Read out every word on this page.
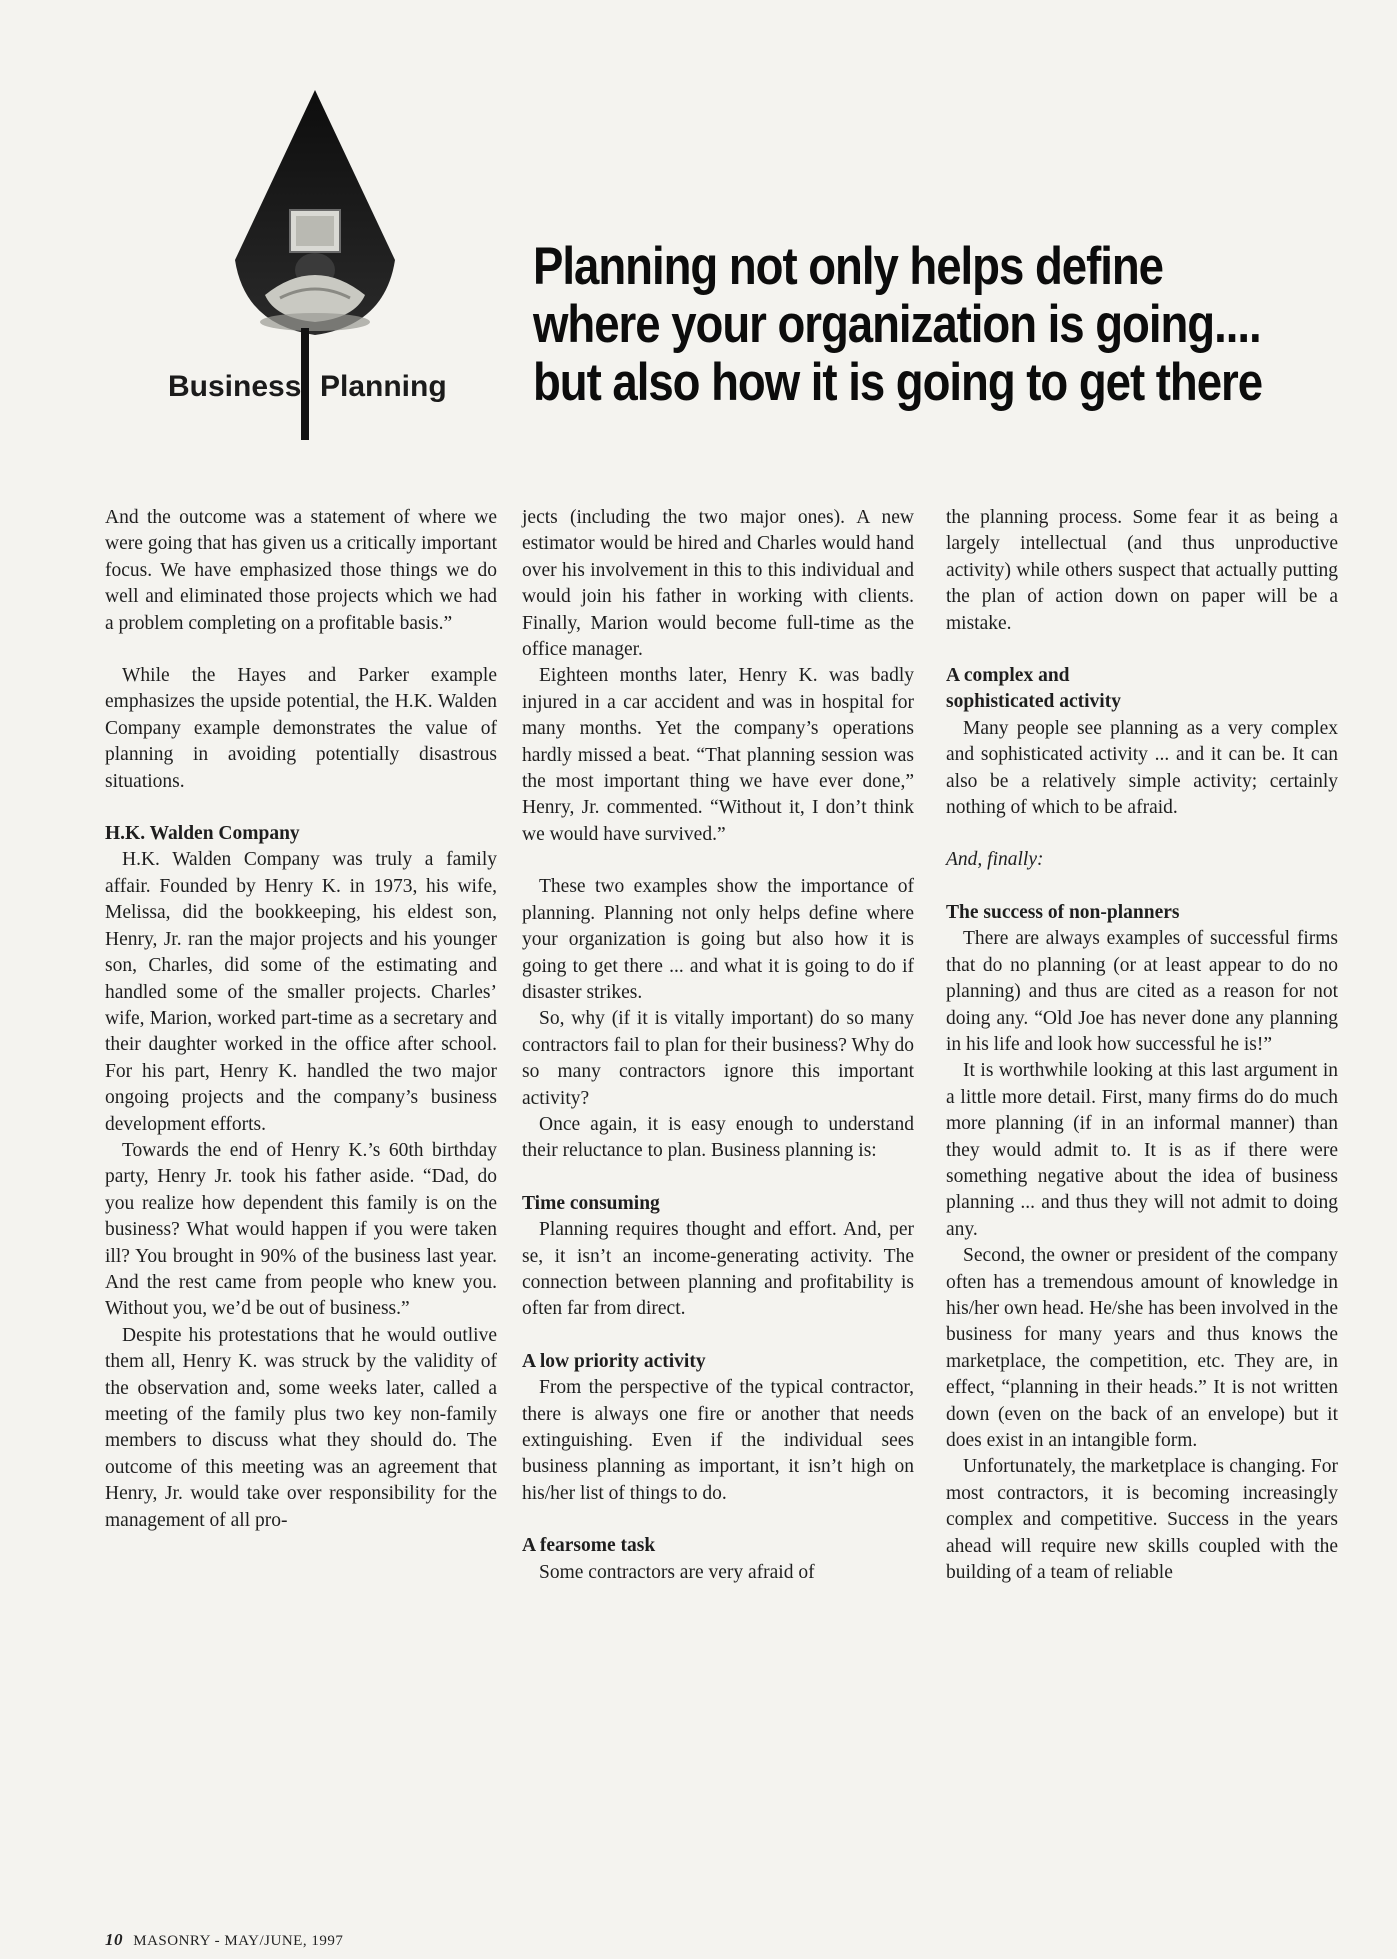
Business Planning
Planning not only helps define
where your organization is going....
but also how it is going to get there

And the outcome was a statement of where we were going that has given us a critically important focus. We have emphasized those things we do well and eliminated those projects which we had a problem completing on a profitable basis.”

While the Hayes and Parker example emphasizes the upside potential, the H.K. Walden Company example demonstrates the value of planning in avoiding potentially disastrous situations.

H.K. Walden Company

H.K. Walden Company was truly a family affair. Founded by Henry K. in 1973, his wife, Melissa, did the bookkeeping, his eldest son, Henry, Jr. ran the major projects and his younger son, Charles, did some of the estimating and handled some of the smaller projects. Charles’ wife, Marion, worked part-time as a secretary and their daughter worked in the office after school. For his part, Henry K. handled the two major ongoing projects and the company’s business development efforts.

Towards the end of Henry K.’s 60th birthday party, Henry Jr. took his father aside. “Dad, do you realize how dependent this family is on the business? What would happen if you were taken ill? You brought in 90% of the business last year. And the rest came from people who knew you. Without you, we’d be out of business.”

Despite his protestations that he would outlive them all, Henry K. was struck by the validity of the observation and, some weeks later, called a meeting of the family plus two key non-family members to discuss what they should do. The outcome of this meeting was an agreement that Henry, Jr. would take over responsibility for the management of all pro-

jects (including the two major ones). A new estimator would be hired and Charles would hand over his involvement in this to this individual and would join his father in working with clients. Finally, Marion would become full-time as the office manager.

Eighteen months later, Henry K. was badly injured in a car accident and was in hospital for many months. Yet the company’s operations hardly missed a beat. “That planning session was the most important thing we have ever done,” Henry, Jr. commented. “Without it, I don’t think we would have survived.”

These two examples show the importance of planning. Planning not only helps define where your organization is going but also how it is going to get there ... and what it is going to do if disaster strikes.

So, why (if it is vitally important) do so many contractors fail to plan for their business? Why do so many contractors ignore this important activity?

Once again, it is easy enough to understand their reluctance to plan. Business planning is:

Time consuming

Planning requires thought and effort. And, per se, it isn’t an income-generating activity. The connection between planning and profitability is often far from direct.

A low priority activity

From the perspective of the typical contractor, there is always one fire or another that needs extinguishing. Even if the individual sees business planning as important, it isn’t high on his/her list of things to do.

A fearsome task

Some contractors are very afraid of

the planning process. Some fear it as being a largely intellectual (and thus unproductive activity) while others suspect that actually putting the plan of action down on paper will be a mistake.

A complex and
sophisticated activity

Many people see planning as a very complex and sophisticated activity ... and it can be. It can also be a relatively simple activity; certainly nothing of which to be afraid.

And, finally:

The success of non-planners

There are always examples of successful firms that do no planning (or at least appear to do no planning) and thus are cited as a reason for not doing any. “Old Joe has never done any planning in his life and look how successful he is!”

It is worthwhile looking at this last argument in a little more detail. First, many firms do do much more planning (if in an informal manner) than they would admit to. It is as if there were something negative about the idea of business planning ... and thus they will not admit to doing any.

Second, the owner or president of the company often has a tremendous amount of knowledge in his/her own head. He/she has been involved in the business for many years and thus knows the marketplace, the competition, etc. They are, in effect, “planning in their heads.” It is not written down (even on the back of an envelope) but it does exist in an intangible form.

Unfortunately, the marketplace is changing. For most contractors, it is becoming increasingly complex and competitive. Success in the years ahead will require new skills coupled with the building of a team of reliable

10 MASONRY - MAY/JUNE, 1997
